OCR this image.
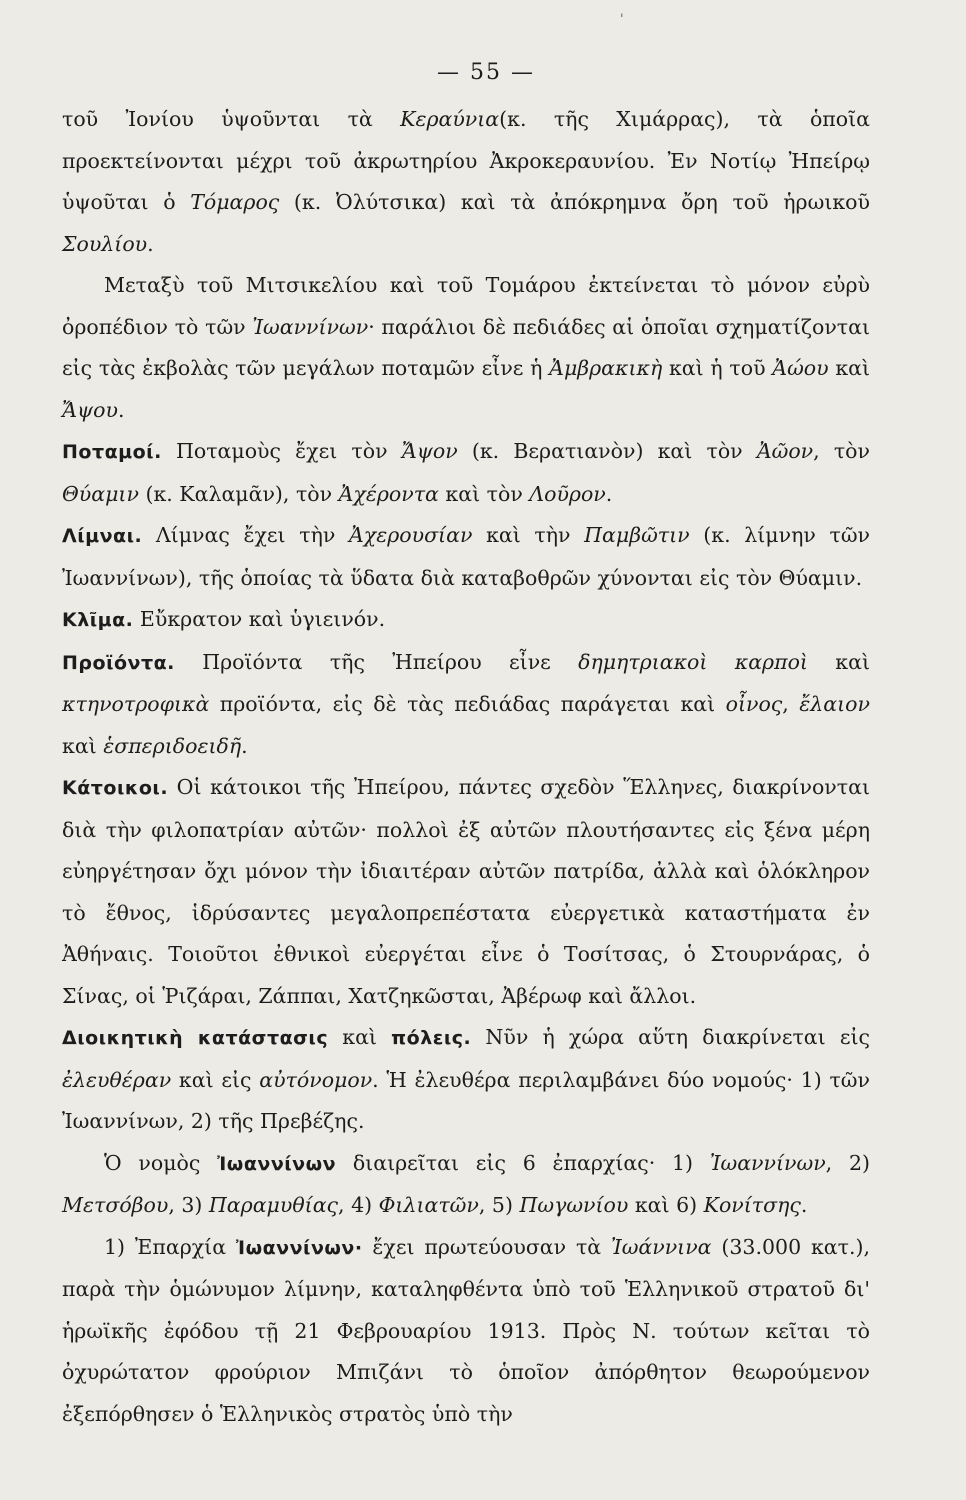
'
— 55 —

τοῦ Ἰονίου ὑψοῦνται τὰ Κεραύνια(κ. τῆς Χιμάρρας), τὰ ὁποῖα προεκτείνονται μέχρι τοῦ ἀκρωτηρίου Ἀκροκεραυνίου. Ἐν Νοτίῳ Ἠπείρῳ ὑψοῦται ὁ Τόμαρος (κ. Ὀλύτσικα) καὶ τὰ ἀπόκρημνα ὄρη τοῦ ἡρωικοῦ Σουλίου.

Μεταξὺ τοῦ Μιτσικελίου καὶ τοῦ Τομάρου ἐκτείνεται τὸ μόνον εὐρὺ ὀροπέδιον τὸ τῶν Ἰωαννίνων· παράλιοι δὲ πεδιάδες αἱ ὁποῖαι σχηματίζονται εἰς τὰς ἐκβολὰς τῶν μεγάλων ποταμῶν εἶνε ἡ Ἀμβρακικὴ καὶ ἡ τοῦ Ἀώου καὶ Ἄψου.

Ποταμοί. Ποταμοὺς ἔχει τὸν Ἄψον (κ. Βερατιανὸν) καὶ τὸν Ἀῶον, τὸν Θύαμιν (κ. Καλαμᾶν), τὸν Ἀχέροντα καὶ τὸν Λοῦρον.

Λίμναι. Λίμνας ἔχει τὴν Ἀχερουσίαν καὶ τὴν Παμβῶτιν (κ. λίμνην τῶν Ἰωαννίνων), τῆς ὁποίας τὰ ὕδατα διὰ καταβοθρῶν χύνονται εἰς τὸν Θύαμιν.

Κλῖμα. Εὔκρατον καὶ ὑγιεινόν.

Προϊόντα. Προϊόντα τῆς Ἠπείρου εἶνε δημητριακοὶ καρποὶ καὶ κτηνοτροφικὰ προϊόντα, εἰς δὲ τὰς πεδιάδας παράγεται καὶ οἶνος, ἔλαιον καὶ ἑσπεριδοειδῆ.

Κάτοικοι. Οἱ κάτοικοι τῆς Ἠπείρου, πάντες σχεδὸν Ἕλληνες, διακρίνονται διὰ τὴν φιλοπατρίαν αὐτῶν· πολλοὶ ἐξ αὐτῶν πλουτήσαντες εἰς ξένα μέρη εὐηργέτησαν ὄχι μόνον τὴν ἰδιαιτέραν αὐτῶν πατρίδα, ἀλλὰ καὶ ὁλόκληρον τὸ ἔθνος, ἱδρύσαντες μεγαλοπρεπέστατα εὐεργετικὰ καταστήματα ἐν Ἀθήναις. Τοιοῦτοι ἐθνικοὶ εὐεργέται εἶνε ὁ Τοσίτσας, ὁ Στουρνάρας, ὁ Σίνας, οἱ Ῥιζάραι, Ζάππαι, Χατζηκῶσται, Ἀβέρωφ καὶ ἄλλοι.

Διοικητικὴ κατάστασις καὶ πόλεις. Νῦν ἡ χώρα αὕτη διακρίνεται εἰς ἐλευθέραν καὶ εἰς αὐτόνομον. Ἡ ἐλευθέρα περιλαμβάνει δύο νομούς· 1) τῶν Ἰωαννίνων, 2) τῆς Πρεβέζης.

Ὁ νομὸς Ἰωαννίνων διαιρεῖται εἰς 6 ἐπαρχίας· 1) Ἰωαννίνων, 2) Μετσόβου, 3) Παραμυθίας, 4) Φιλιατῶν, 5) Πωγωνίου καὶ 6) Κονίτσης.

1) Ἐπαρχία Ἰωαννίνων· ἔχει πρωτεύουσαν τὰ Ἰωάννινα (33.000 κατ.), παρὰ τὴν ὁμώνυμον λίμνην, καταληφθέντα ὑπὸ τοῦ Ἑλληνικοῦ στρατοῦ δι' ἡρωϊκῆς ἐφόδου τῇ 21 Φεβρουαρίου 1913. Πρὸς Ν. τούτων κεῖται τὸ ὀχυρώτατον φρούριον Μπιζάνι τὸ ὁποῖον ἀπόρθητον θεωρούμενον ἐξεπόρθησεν ὁ Ἑλληνικὸς στρατὸς ὑπὸ τὴν
